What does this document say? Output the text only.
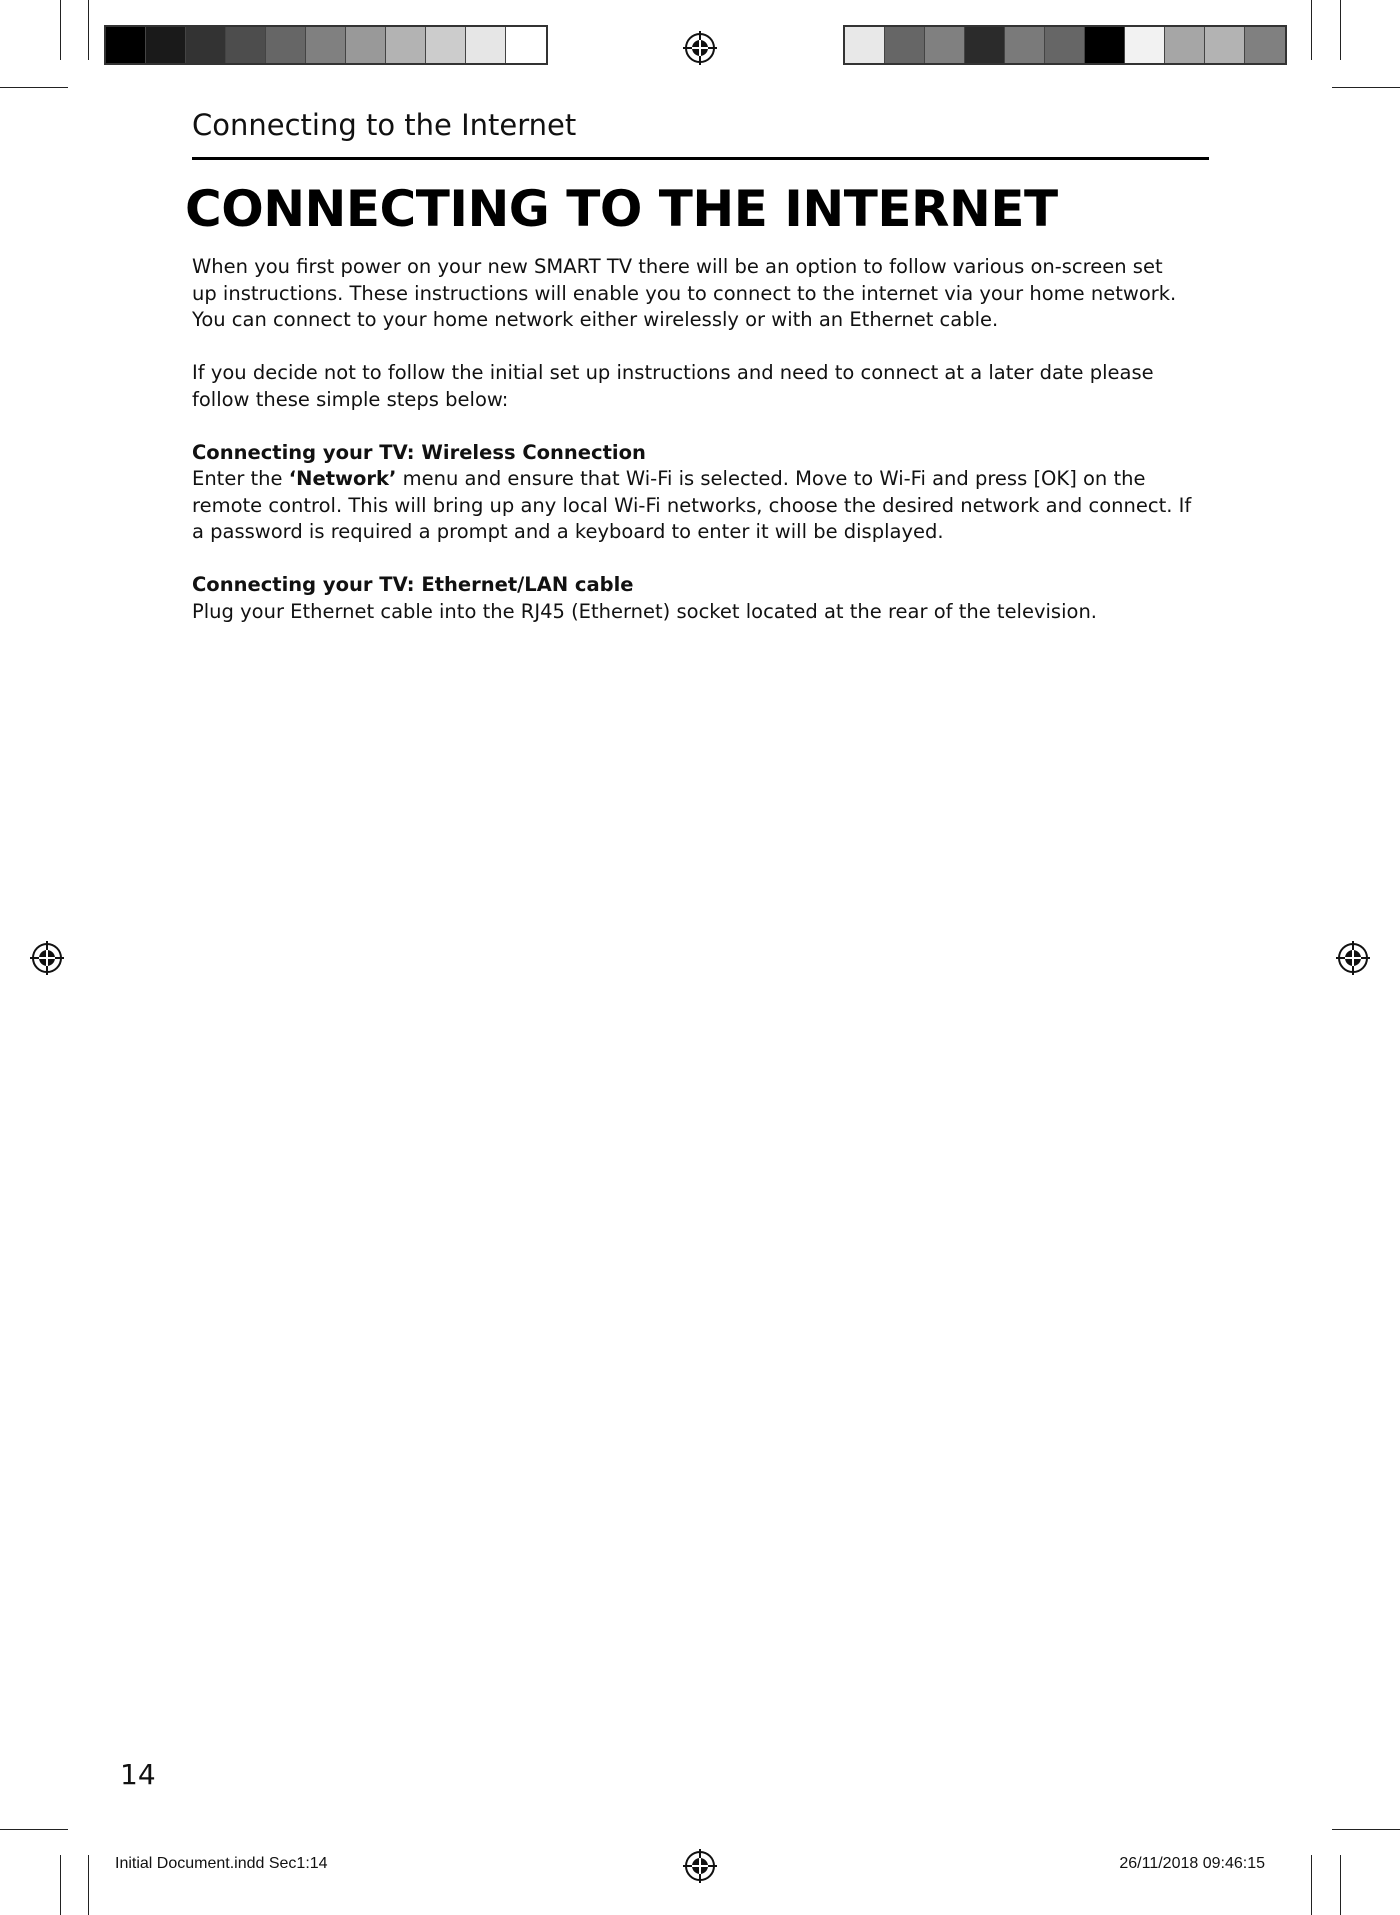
Connecting to the Internet
CONNECTING TO THE INTERNET

When you first power on your new SMART TV there will be an option to follow various on-screen set up instructions. These instructions will enable you to connect to the internet via your home network. You can connect to your home network either wirelessly or with an Ethernet cable.

If you decide not to follow the initial set up instructions and need to connect at a later date please follow these simple steps below:

Connecting your TV: Wireless Connection
Enter the ‘Network’ menu and ensure that Wi-Fi is selected. Move to Wi-Fi and press [OK] on the remote control. This will bring up any local Wi-Fi networks, choose the desired network and connect. If a password is required a prompt and a keyboard to enter it will be displayed.

Connecting your TV: Ethernet/LAN cable
Plug your Ethernet cable into the RJ45 (Ethernet) socket located at the rear of the television.

14
Initial Document.indd Sec1:14	26/11/2018 09:46:15
